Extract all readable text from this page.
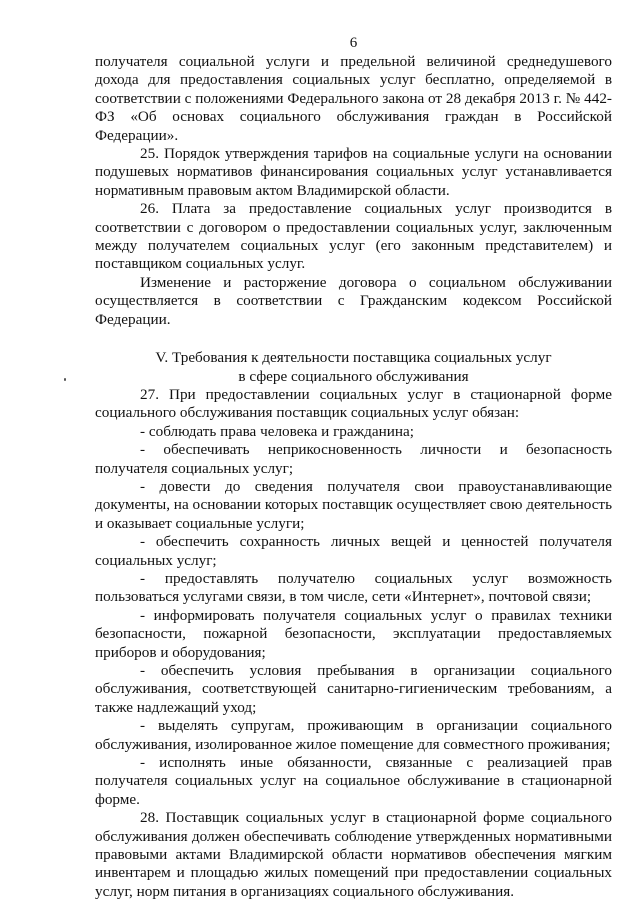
6

получателя социальной услуги и предельной величиной среднедушевого дохода для предоставления социальных услуг бесплатно, определяемой в соответствии с положениями Федерального закона от 28 декабря 2013 г. № 442-ФЗ «Об основах социального обслуживания граждан в Российской Федерации».

25. Порядок утверждения тарифов на социальные услуги на основании подушевых нормативов финансирования социальных услуг устанавливается нормативным правовым актом Владимирской области.

26. Плата за предоставление социальных услуг производится в соответствии с договором о предоставлении социальных услуг, заключенным между получателем социальных услуг (его законным представителем) и поставщиком социальных услуг.

Изменение и расторжение договора о социальном обслуживании осуществляется в соответствии с Гражданским кодексом Российской Федерации.

V. Требования к деятельности поставщика социальных услуг
в сфере социального обслуживания

27. При предоставлении социальных услуг в стационарной форме социального обслуживания поставщик социальных услуг обязан:

- соблюдать права человека и гражданина;

- обеспечивать неприкосновенность личности и безопасность получателя социальных услуг;

- довести до сведения получателя свои правоустанавливающие документы, на основании которых поставщик осуществляет свою деятельность и оказывает социальные услуги;

- обеспечить сохранность личных вещей и ценностей получателя социальных услуг;

- предоставлять получателю социальных услуг возможность пользоваться услугами связи, в том числе, сети «Интернет», почтовой связи;

- информировать получателя социальных услуг о правилах техники безопасности, пожарной безопасности, эксплуатации предоставляемых приборов и оборудования;

- обеспечить условия пребывания в организации социального обслуживания, соответствующей санитарно-гигиеническим требованиям, а также надлежащий уход;

- выделять супругам, проживающим в организации социального обслуживания, изолированное жилое помещение для совместного проживания;

- исполнять иные обязанности, связанные с реализацией прав получателя социальных услуг на социальное обслуживание в стационарной форме.

28. Поставщик социальных услуг в стационарной форме социального обслуживания должен обеспечивать соблюдение утвержденных нормативными правовыми актами Владимирской области нормативов обеспечения мягким инвентарем и площадью жилых помещений при предоставлении социальных услуг, норм питания в организациях социального обслуживания.
